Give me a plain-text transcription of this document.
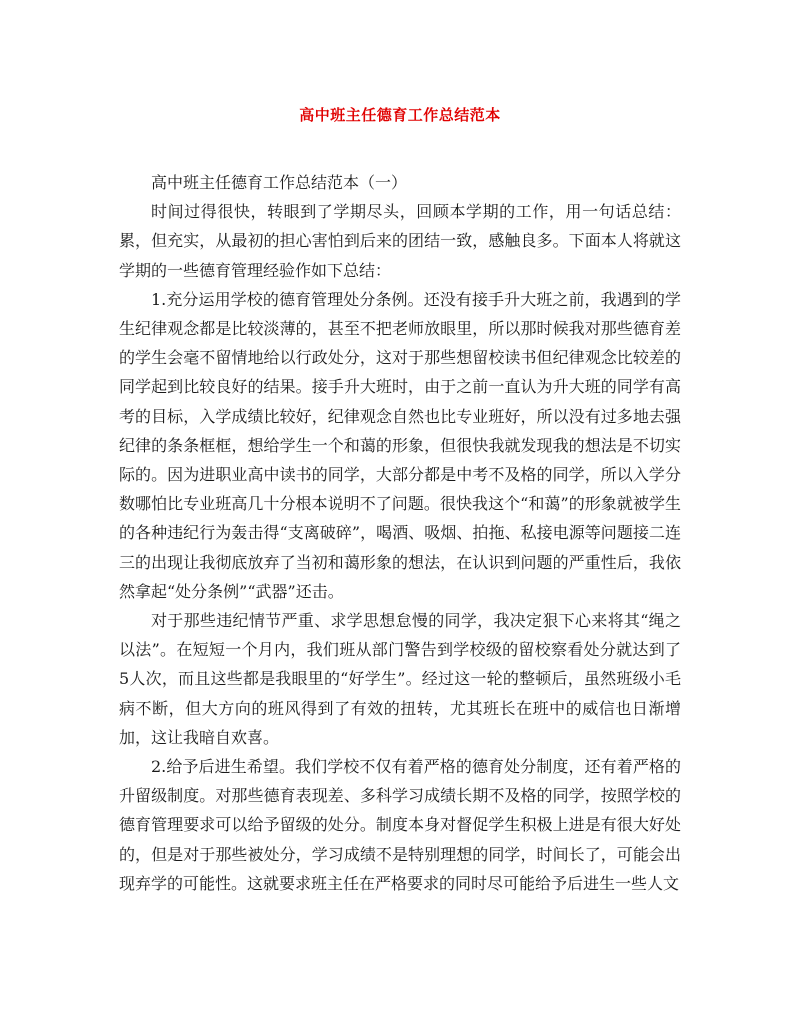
高中班主任德育工作总结范本

高中班主任德育工作总结范本（一）

时间过得很快，转眼到了学期尽头，回顾本学期的工作，用一句话总结：累，但充实，从最初的担心害怕到后来的团结一致，感触良多。下面本人将就这学期的一些德育管理经验作如下总结：

1.充分运用学校的德育管理处分条例。还没有接手升大班之前，我遇到的学生纪律观念都是比较淡薄的，甚至不把老师放眼里，所以那时候我对那些德育差的学生会毫不留情地给以行政处分，这对于那些想留校读书但纪律观念比较差的同学起到比较良好的结果。接手升大班时，由于之前一直认为升大班的同学有高考的目标，入学成绩比较好，纪律观念自然也比专业班好，所以没有过多地去强纪律的条条框框，想给学生一个和蔼的形象，但很快我就发现我的想法是不切实际的。因为进职业高中读书的同学，大部分都是中考不及格的同学，所以入学分数哪怕比专业班高几十分根本说明不了问题。很快我这个“和蔼”的形象就被学生的各种违纪行为轰击得“支离破碎”，喝酒、吸烟、拍拖、私接电源等问题接二连三的出现让我彻底放弃了当初和蔼形象的想法，在认识到问题的严重性后，我依然拿起“处分条例”“武器”还击。

对于那些违纪情节严重、求学思想怠慢的同学，我决定狠下心来将其“绳之以法”。在短短一个月内，我们班从部门警告到学校级的留校察看处分就达到了5人次，而且这些都是我眼里的“好学生”。经过这一轮的整顿后，虽然班级小毛病不断，但大方向的班风得到了有效的扭转，尤其班长在班中的威信也日渐增加，这让我暗自欢喜。

2.给予后进生希望。我们学校不仅有着严格的德育处分制度，还有着严格的升留级制度。对那些德育表现差、多科学习成绩长期不及格的同学，按照学校的德育管理要求可以给予留级的处分。制度本身对督促学生积极上进是有很大好处的，但是对于那些被处分，学习成绩不是特别理想的同学，时间长了，可能会出现弃学的可能性。这就要求班主任在严格要求的同时尽可能给予后进生一些人文
